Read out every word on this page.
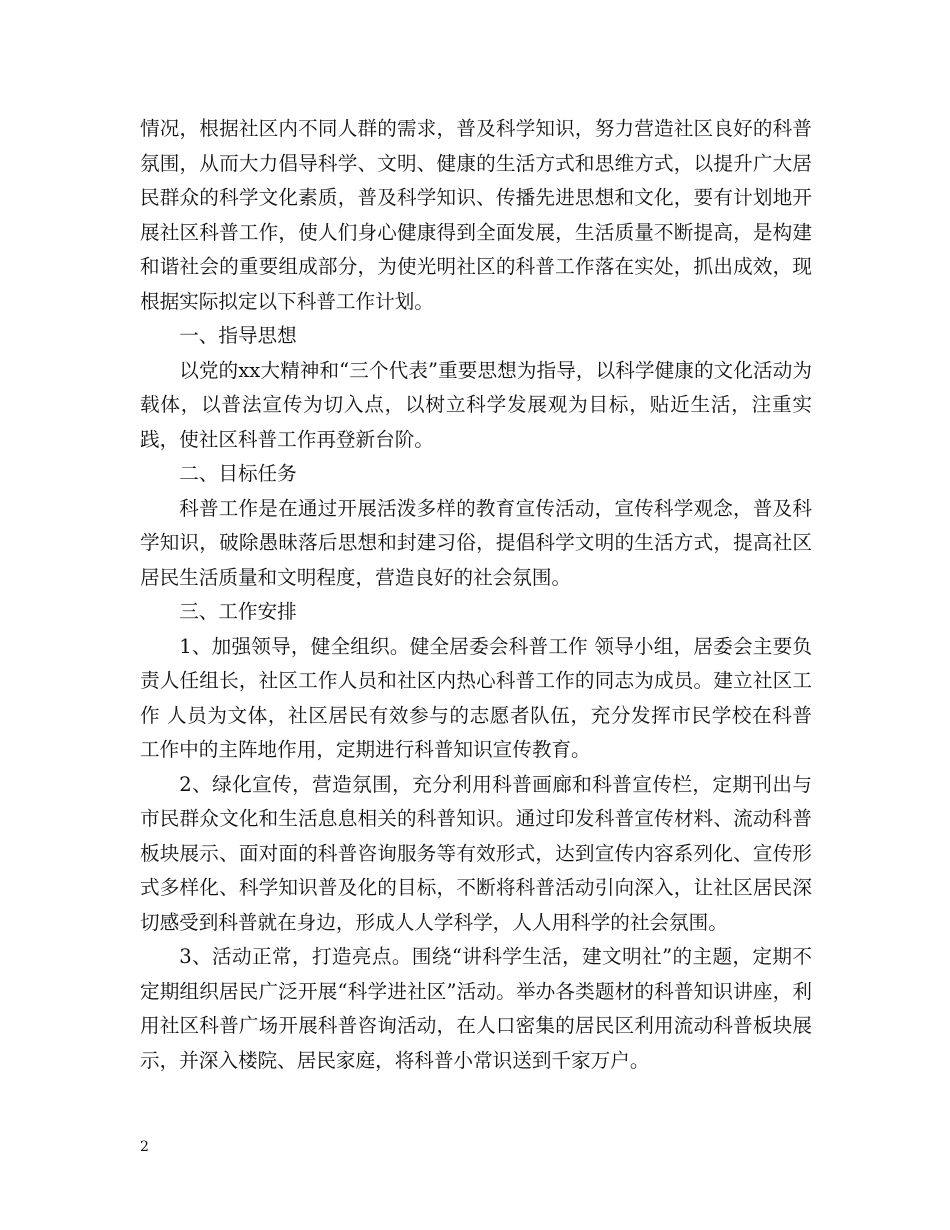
情况，根据社区内不同人群的需求，普及科学知识，努力营造社区良好的科普氛围，从而大力倡导科学、文明、健康的生活方式和思维方式，以提升广大居民群众的科学文化素质，普及科学知识、传播先进思想和文化，要有计划地开展社区科普工作，使人们身心健康得到全面发展，生活质量不断提高，是构建和谐社会的重要组成部分，为使光明社区的科普工作落在实处，抓出成效，现根据实际拟定以下科普工作计划。

一、指导思想

以党的xx大精神和“三个代表”重要思想为指导，以科学健康的文化活动为载体，以普法宣传为切入点，以树立科学发展观为目标，贴近生活，注重实践，使社区科普工作再登新台阶。

二、目标任务

科普工作是在通过开展活泼多样的教育宣传活动，宣传科学观念，普及科学知识，破除愚昧落后思想和封建习俗，提倡科学文明的生活方式，提高社区居民生活质量和文明程度，营造良好的社会氛围。

三、工作安排

1、加强领导，健全组织。健全居委会科普工作 领导小组，居委会主要负责人任组长，社区工作人员和社区内热心科普工作的同志为成员。建立社区工作 人员为文体，社区居民有效参与的志愿者队伍，充分发挥市民学校在科普工作中的主阵地作用，定期进行科普知识宣传教育。

2、绿化宣传，营造氛围，充分利用科普画廊和科普宣传栏，定期刊出与市民群众文化和生活息息相关的科普知识。通过印发科普宣传材料、流动科普板块展示、面对面的科普咨询服务等有效形式，达到宣传内容系列化、宣传形式多样化、科学知识普及化的目标，不断将科普活动引向深入，让社区居民深切感受到科普就在身边，形成人人学科学，人人用科学的社会氛围。

3、活动正常，打造亮点。围绕“讲科学生活，建文明社”的主题，定期不定期组织居民广泛开展“科学进社区”活动。举办各类题材的科普知识讲座，利用社区科普广场开展科普咨询活动，在人口密集的居民区利用流动科普板块展示，并深入楼院、居民家庭，将科普小常识送到千家万户。

2
